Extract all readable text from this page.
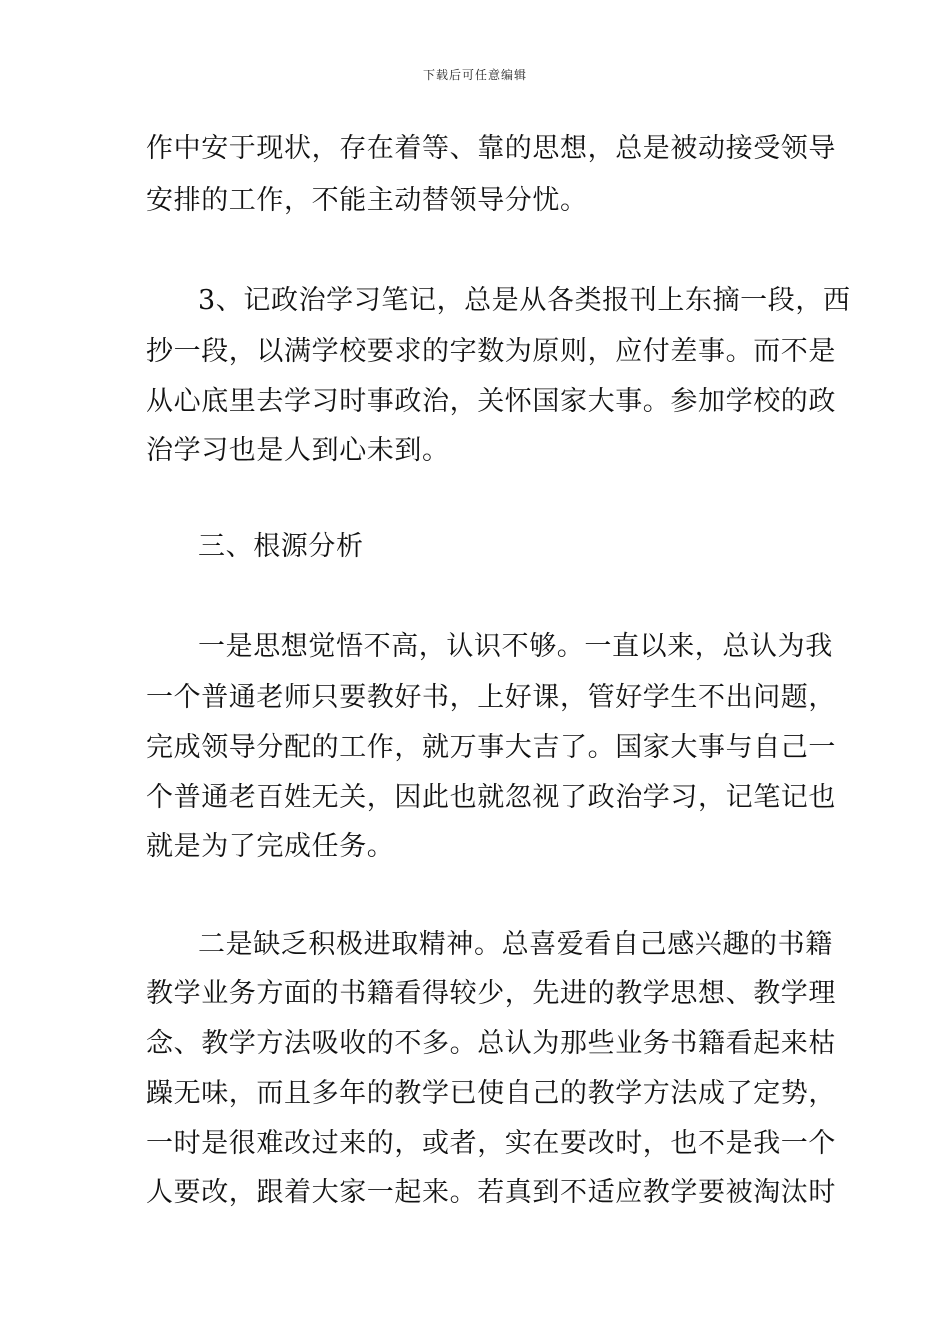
下载后可任意编辑
作中安于现状，存在着等、靠的思想，总是被动接受领导
安排的工作，不能主动替领导分忧。
3、记政治学习笔记，总是从各类报刊上东摘一段，西
抄一段，以满学校要求的字数为原则，应付差事。而不是
从心底里去学习时事政治，关怀国家大事。参加学校的政
治学习也是人到心未到。
三、根源分析
一是思想觉悟不高，认识不够。一直以来，总认为我
一个普通老师只要教好书，上好课，管好学生不出问题，
完成领导分配的工作，就万事大吉了。国家大事与自己一
个普通老百姓无关，因此也就忽视了政治学习，记笔记也
就是为了完成任务。
二是缺乏积极进取精神。总喜爱看自己感兴趣的书籍
教学业务方面的书籍看得较少，先进的教学思想、教学理
念、教学方法吸收的不多。总认为那些业务书籍看起来枯
躁无味，而且多年的教学已使自己的教学方法成了定势，
一时是很难改过来的，或者，实在要改时，也不是我一个
人要改，跟着大家一起来。若真到不适应教学要被淘汰时
